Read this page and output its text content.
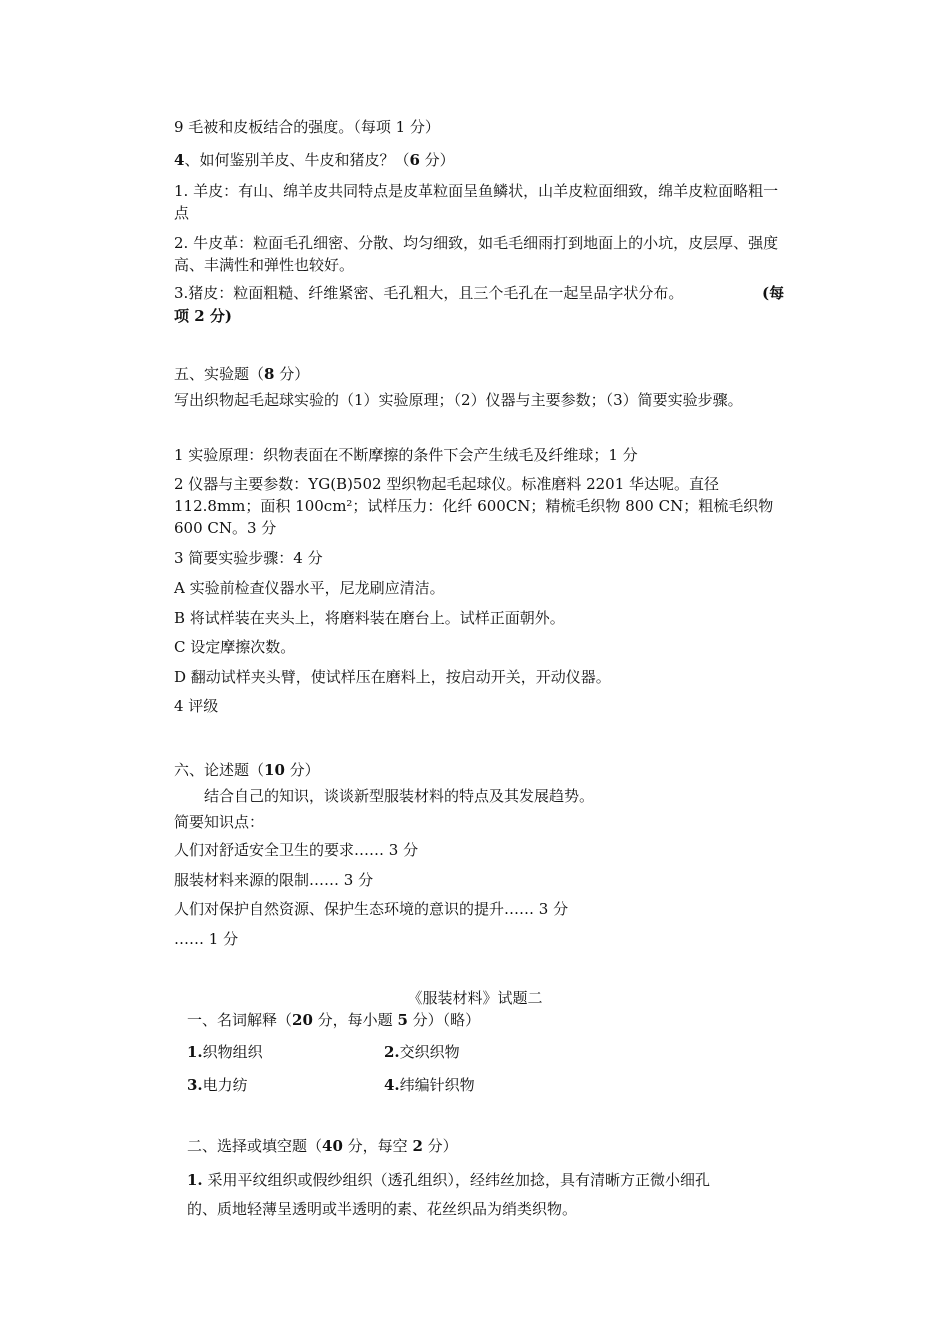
9 毛被和皮板结合的强度。（每项 1 分）
4、如何鉴别羊皮、牛皮和猪皮？（6 分）
1. 羊皮：有山、绵羊皮共同特点是皮革粒面呈鱼鳞状，山羊皮粒面细致，绵羊皮粒面略粗一点
2. 牛皮革：粒面毛孔细密、分散、均匀细致，如毛毛细雨打到地面上的小坑，皮层厚、强度高、丰满性和弹性也较好。
3.猪皮：粒面粗糙、纤维紧密、毛孔粗大，且三个毛孔在一起呈品字状分布。	(每
项 2 分)
五、实验题（8 分）
写出织物起毛起球实验的（1）实验原理；（2）仪器与主要参数；（3）简要实验步骤。
1 实验原理：织物表面在不断摩擦的条件下会产生绒毛及纤维球；1 分
2 仪器与主要参数：YG(B)502 型织物起毛起球仪。标准磨料 2201 华达呢。直径 112.8mm；面积 100cm²；试样压力：化纤 600CN；精梳毛织物 800 CN；粗梳毛织物 600 CN。3 分
3 简要实验步骤：4 分
A 实验前检查仪器水平，尼龙刷应清洁。
B 将试样装在夹头上，将磨料装在磨台上。试样正面朝外。
C 设定摩擦次数。
D 翻动试样夹头臂，使试样压在磨料上，按启动开关，开动仪器。
4 评级
六、论述题（10 分）
结合自己的知识，谈谈新型服装材料的特点及其发展趋势。
简要知识点：
人们对舒适安全卫生的要求…… 3 分
服装材料来源的限制…… 3 分
人们对保护自然资源、保护生态环境的意识的提升…… 3 分
…… 1 分
《服装材料》试题二
一、名词解释（20 分，每小题 5 分）（略）
1.织物组织	2.交织织物
3.电力纺	4.纬编针织物
二、选择或填空题（40 分，每空 2 分）
1. 采用平纹组织或假纱组织（透孔组织），经纬丝加捻，具有清晰方正微小细孔
的、质地轻薄呈透明或半透明的素、花丝织品为绡类织物。
